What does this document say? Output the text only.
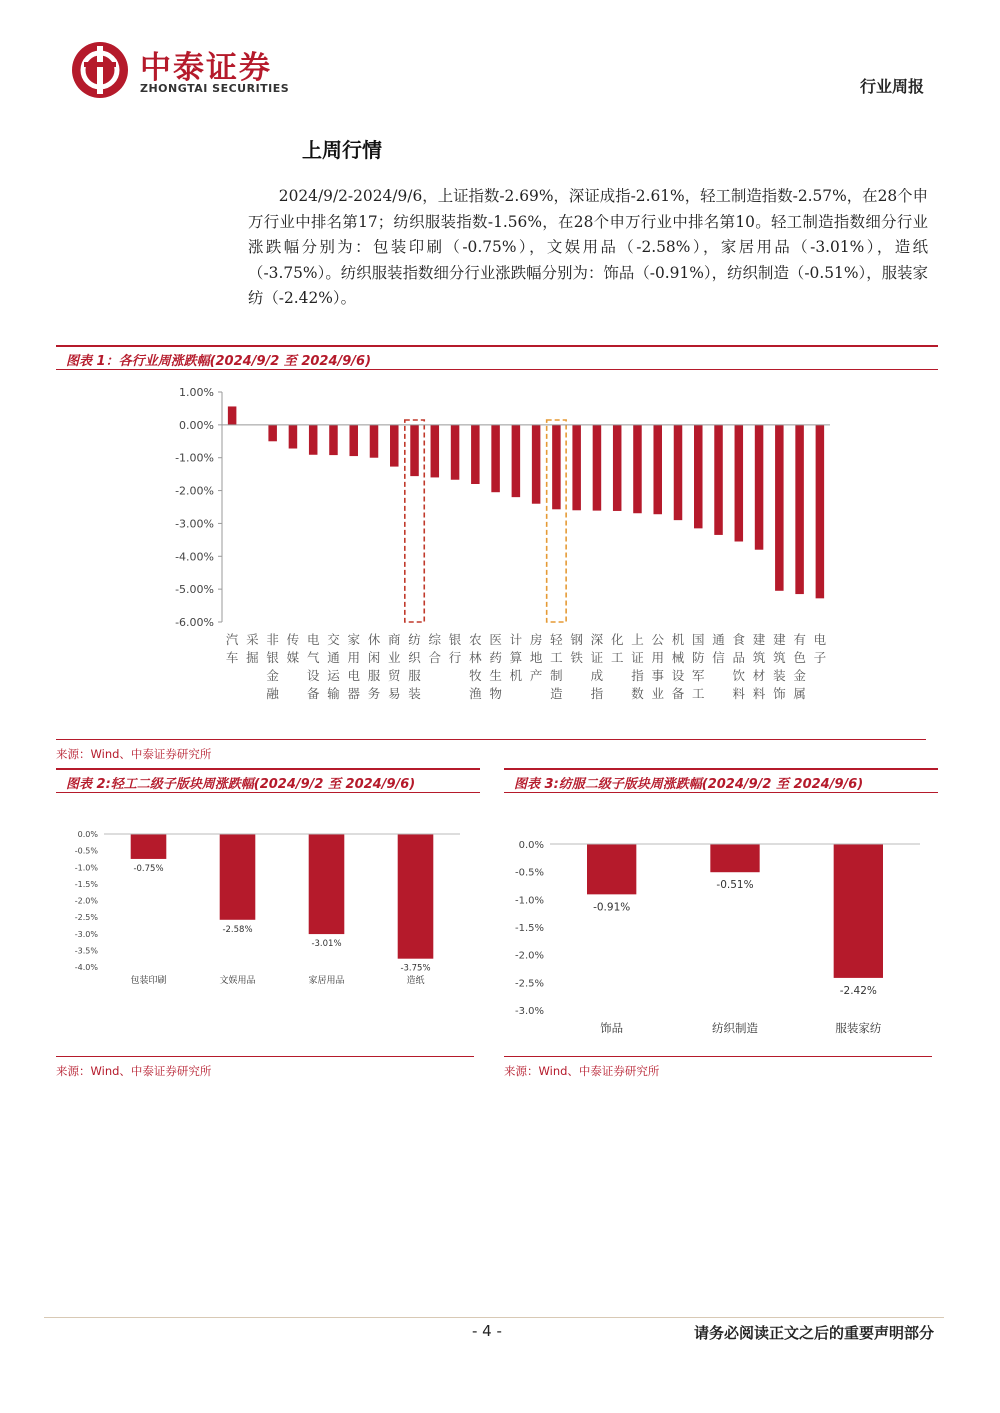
中泰证券
ZHONGTAI SECURITIES	行业周报
上周行情

2024/9/2-2024/9/6，上证指数-2.69%，深证成指-2.61%，轻工制造指数-2.57%，在28个申万行业中排名第17；纺织服装指数-1.56%，在28个申万行业中排名第10。轻工制造指数细分行业涨跌幅分别为：包装印刷（-0.75%），文娱用品（-2.58%），家居用品（-3.01%），造纸（-3.75%）。纺织服装指数细分行业涨跌幅分别为：饰品（-0.91%），纺织制造（-0.51%），服装家纺（-2.42%）。

图表 1：各行业周涨跌幅(2024/9/2 至 2024/9/6)
1.00%
0.00%
-1.00%
-2.00%
-3.00%
-4.00%
-5.00%
-6.00%
汽
车
采
掘
非
银
金
融
传
媒
电
气
设
备
交
通
运
输
家
用
电
器
休
闲
服
务
商
业
贸
易
纺
织
服
装
综
合
银
行
农
林
牧
渔
医
药
生
物
计
算
机
房
地
产
轻
工
制
造
钢
铁
深
证
成
指
化
工
上
证
指
数
公
用
事
业
机
械
设
备
国
防
军
工
通
信
食
品
饮
料
建
筑
材
料
建
筑
装
饰
有
色
金
属
电
子
来源：Wind、中泰证券研究所
图表 2:轻工二级子版块周涨跌幅(2024/9/2 至 2024/9/6)
0.0%
-0.5%
-1.0%
-1.5%
-2.0%
-2.5%
-3.0%
-3.5%
-4.0%
-0.75%
包装印刷
-2.58%
文娱用品
-3.01%
家居用品
-3.75%
造纸
来源：Wind、中泰证券研究所
图表 3:纺服二级子版块周涨跌幅(2024/9/2 至 2024/9/6)
0.0%
-0.5%
-1.0%
-1.5%
-2.0%
-2.5%
-3.0%
-0.91%
饰品
-0.51%
纺织制造
-2.42%
服装家纺
来源：Wind、中泰证券研究所
- 4 -	请务必阅读正文之后的重要声明部分
